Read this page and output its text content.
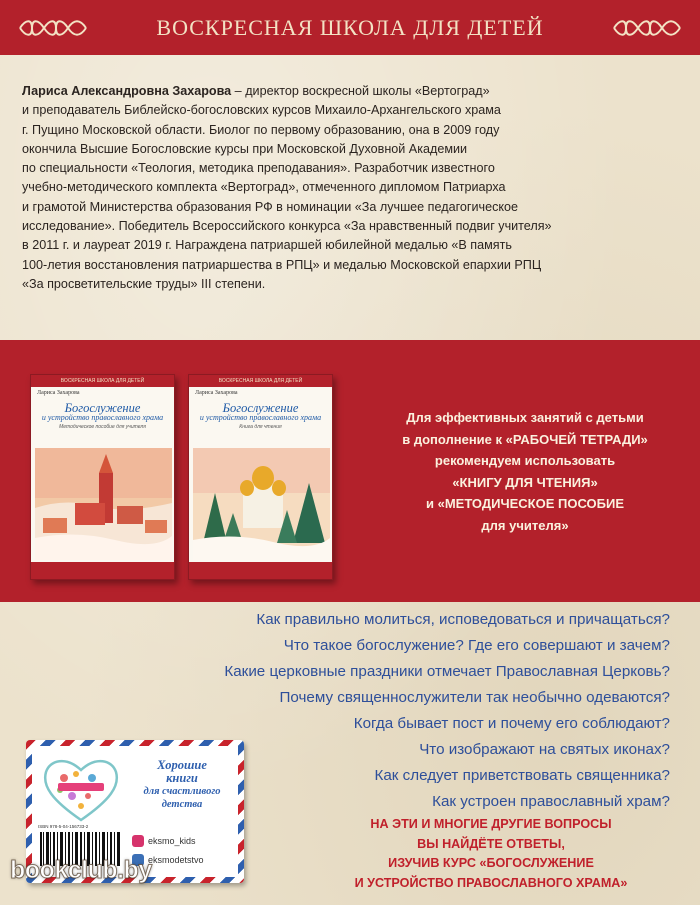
ВОСКРЕСНАЯ ШКОЛА ДЛЯ ДЕТЕЙ
Лариса Александровна Захарова – директор воскресной школы «Вертоград»
и преподаватель Библейско-богословских курсов Михаило-Архангельского храма
г. Пущино Московской области. Биолог по первому образованию, она в 2009 году
окончила Высшие Богословские курсы при Московской Духовной Академии
по специальности «Теология, методика преподавания». Разработчик известного
учебно-методического комплекта «Вертоград», отмеченного дипломом Патриарха
и грамотой Министерства образования РФ в номинации «За лучшее педагогическое
исследование». Победитель Всероссийского конкурса «За нравственный подвиг учителя»
в 2011 г. и лауреат 2019 г. Награждена патриаршей юбилейной медалью «В память
100-летия восстановления патриаршества в РПЦ» и медалью Московской епархии РПЦ
«За просветительские труды» III степени.
ВОСКРЕСНАЯ ШКОЛА ДЛЯ ДЕТЕЙ
Лариса Захарова
Богослужение
и устройство православного храма
Методическое пособие для учителя
ВОСКРЕСНАЯ ШКОЛА ДЛЯ ДЕТЕЙ
Лариса Захарова
Богослужение
и устройство православного храма
Книга для чтения
Для эффективных занятий с детьми
в дополнение к «РАБОЧЕЙ ТЕТРАДИ»
рекомендуем использовать
«КНИГУ ДЛЯ ЧТЕНИЯ»
и «МЕТОДИЧЕСКОЕ ПОСОБИЕ
для учителя»
Как правильно молиться, исповедоваться и причащаться?
Что такое богослужение? Где его совершают и зачем?
Какие церковные праздники отмечает Православная Церковь?
Почему священнослужители так необычно одеваются?
Когда бывает пост и почему его соблюдают?
Что изображают на святых иконах?
Как следует приветствовать священника?
Как устроен православный храм?
Хорошие
книги
для счастливого
детства
ISBN 978-5-04-156733-2
eksmo_kids
eksmodetstvo
НА ЭТИ И МНОГИЕ ДРУГИЕ ВОПРОСЫ
ВЫ НАЙДЁТЕ ОТВЕТЫ,
ИЗУЧИВ КУРС «БОГОСЛУЖЕНИЕ
И УСТРОЙСТВО ПРАВОСЛАВНОГО ХРАМА»
bookclub.by
